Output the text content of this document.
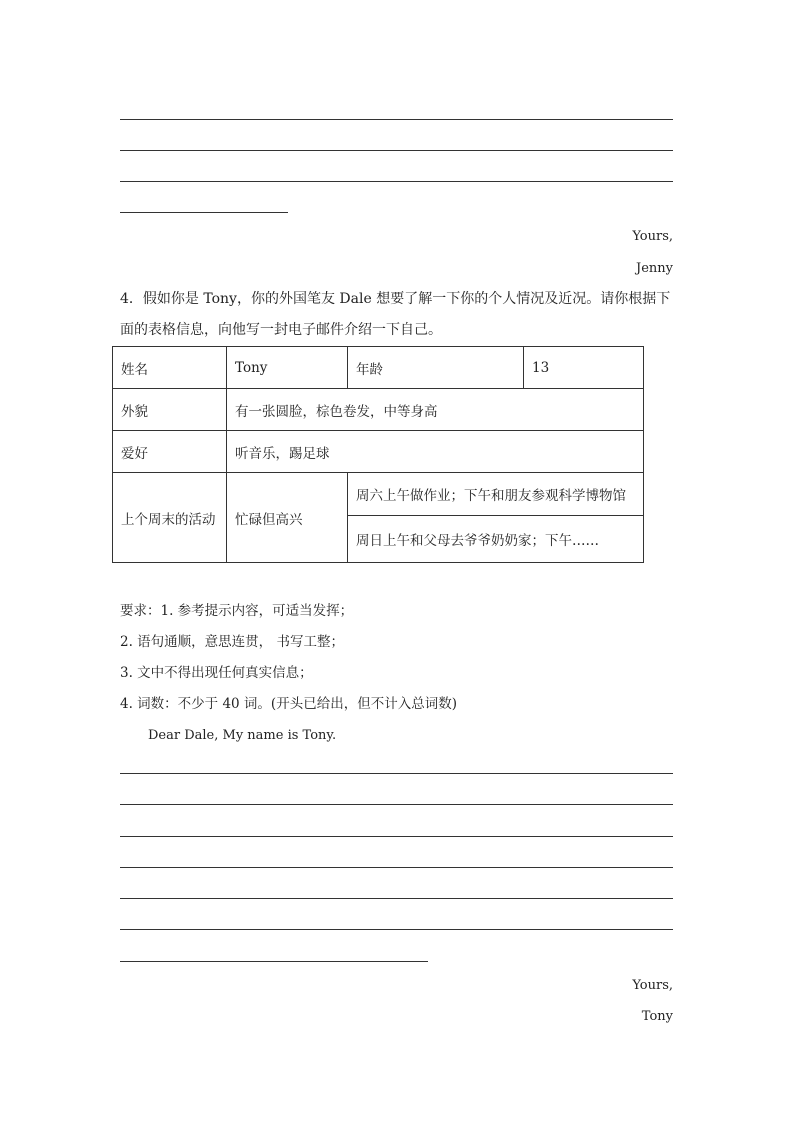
Yours,
Jenny
4．假如你是 Tony，你的外国笔友 Dale 想要了解一下你的个人情况及近况。请你根据下面的表格信息，向他写一封电子邮件介绍一下自己。
姓名	Tony	年龄	13
外貌	有一张圆脸，棕色卷发，中等身高		
爱好	听音乐，踢足球		
上个周末的活动	忙碌但高兴	周六上午做作业；下午和朋友参观科学博物馆	
		周日上午和父母去爷爷奶奶家；下午……	
要求：1. 参考提示内容，可适当发挥；
2. 语句通顺，意思连贯， 书写工整；
3. 文中不得出现任何真实信息；
4. 词数：不少于 40 词。(开头已给出，但不计入总词数)
Dear Dale, My name is Tony.
Yours,
Tony
